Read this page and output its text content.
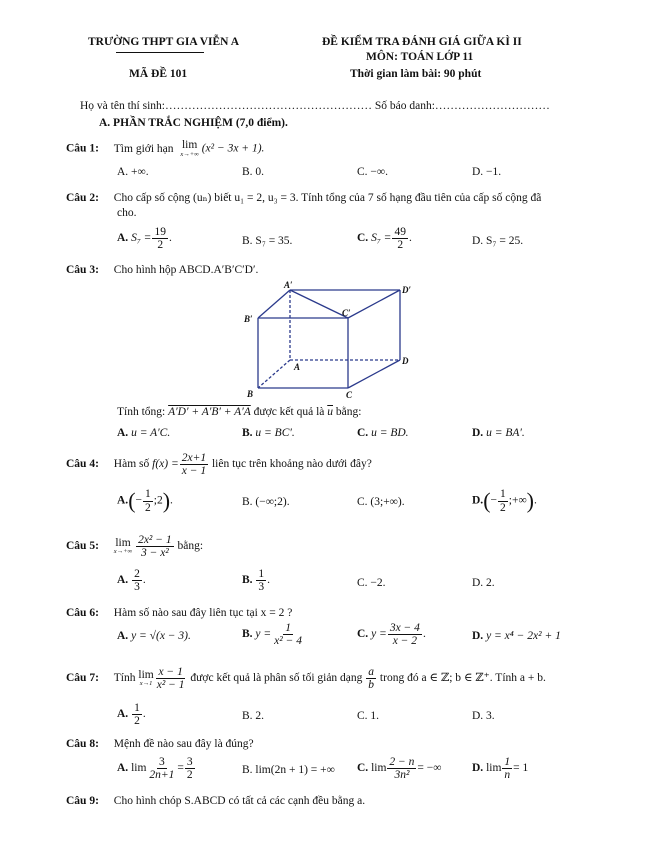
TRƯỜNG THPT GIA VIỄN A	ĐỀ KIỂM TRA ĐÁNH GIÁ GIỮA KÌ II
MÔN: TOÁN LỚP 11
MÃ ĐỀ 101	Thời gian làm bài: 90 phút
Họ và tên thí sinh:……………………………………………… Số báo danh:…………………………
A. PHẦN TRẮC NGHIỆM (7,0 điểm).
Câu 1: Tìm giới hạn lim
x→+∞ (x² − 3x + 1).
A. +∞.	B. 0.	C. −∞.	D. −1.
Câu 2: Cho cấp số cộng (uₙ) biết u₁ = 2, u₃ = 3. Tính tổng của 7 số hạng đầu tiên của cấp số cộng đã
cho.
A. $S_7 = \frac{19}{2}$ .	B. S₇ = 35.	C. $S_7 = \frac{49}{2}$ .	D. S₇ = 25.
Câu 3: Cho hình hộp ABCD.A′B′C′D′.
A′	D′
B′
C′
A
D
B	C
Tính tổng: A′D′ + A′B′ + A′A được kết quả là $\overline{u}$ bằng:
A. u = A′C.	B. u = BC′.	C. u = BD.	D. u = BA′.
Câu 4: Hàm số $f(x) = \frac{2x+1}{x - 1}$ liên tục trên khoảng nào dưới đây?
$A.(- \frac{1}{2}$ ;2).	B. (−∞;2).	C. (3;+∞).	$D.(- \frac{1}{2}$ ;+∞).
Câu 5: lim
x→+∞
$\frac{\text{2x² − 1}}{\text{3 − x²}}$ bằng:
A. $\frac{2}{3}$ .	B. $\frac{1}{3}$ .	C. −2.	D. 2.
Câu 6: Hàm số nào sau đây liên tục tại x = 2 ?
A. y = √(x − 3).	B. $y = \frac{1}{\text{x² − 4}}$	C. $y = \frac{3x - 4}{x - 2}$ .	D. y = x⁴ − 2x² + 1
Câu 7: Tính lim
$x\to 1 \frac{x - 1}{\text{x² − 1}}$ được kết quả là phân số tối giản dạng $\frac{a}{b}$ trong đó a ∈ ℤ; b ∈ ℤ⁺. Tính a + b.
A. $\frac{1}{2}$ .	B. 2.	C. 1.	D. 3.
Câu 8: Mệnh đề nào sau đây là đúng?
A. $\lim \frac{3}{2n+1} = \frac{3}{2}$	B. lim(2n + 1) = +∞ C. $\lim \frac{2 - n}{\text{3n²}}$ = −∞	D. $\lim \frac{1}{n} = 1$
Câu 9: Cho hình chóp S.ABCD có tất cả các cạnh đều bằng a.
